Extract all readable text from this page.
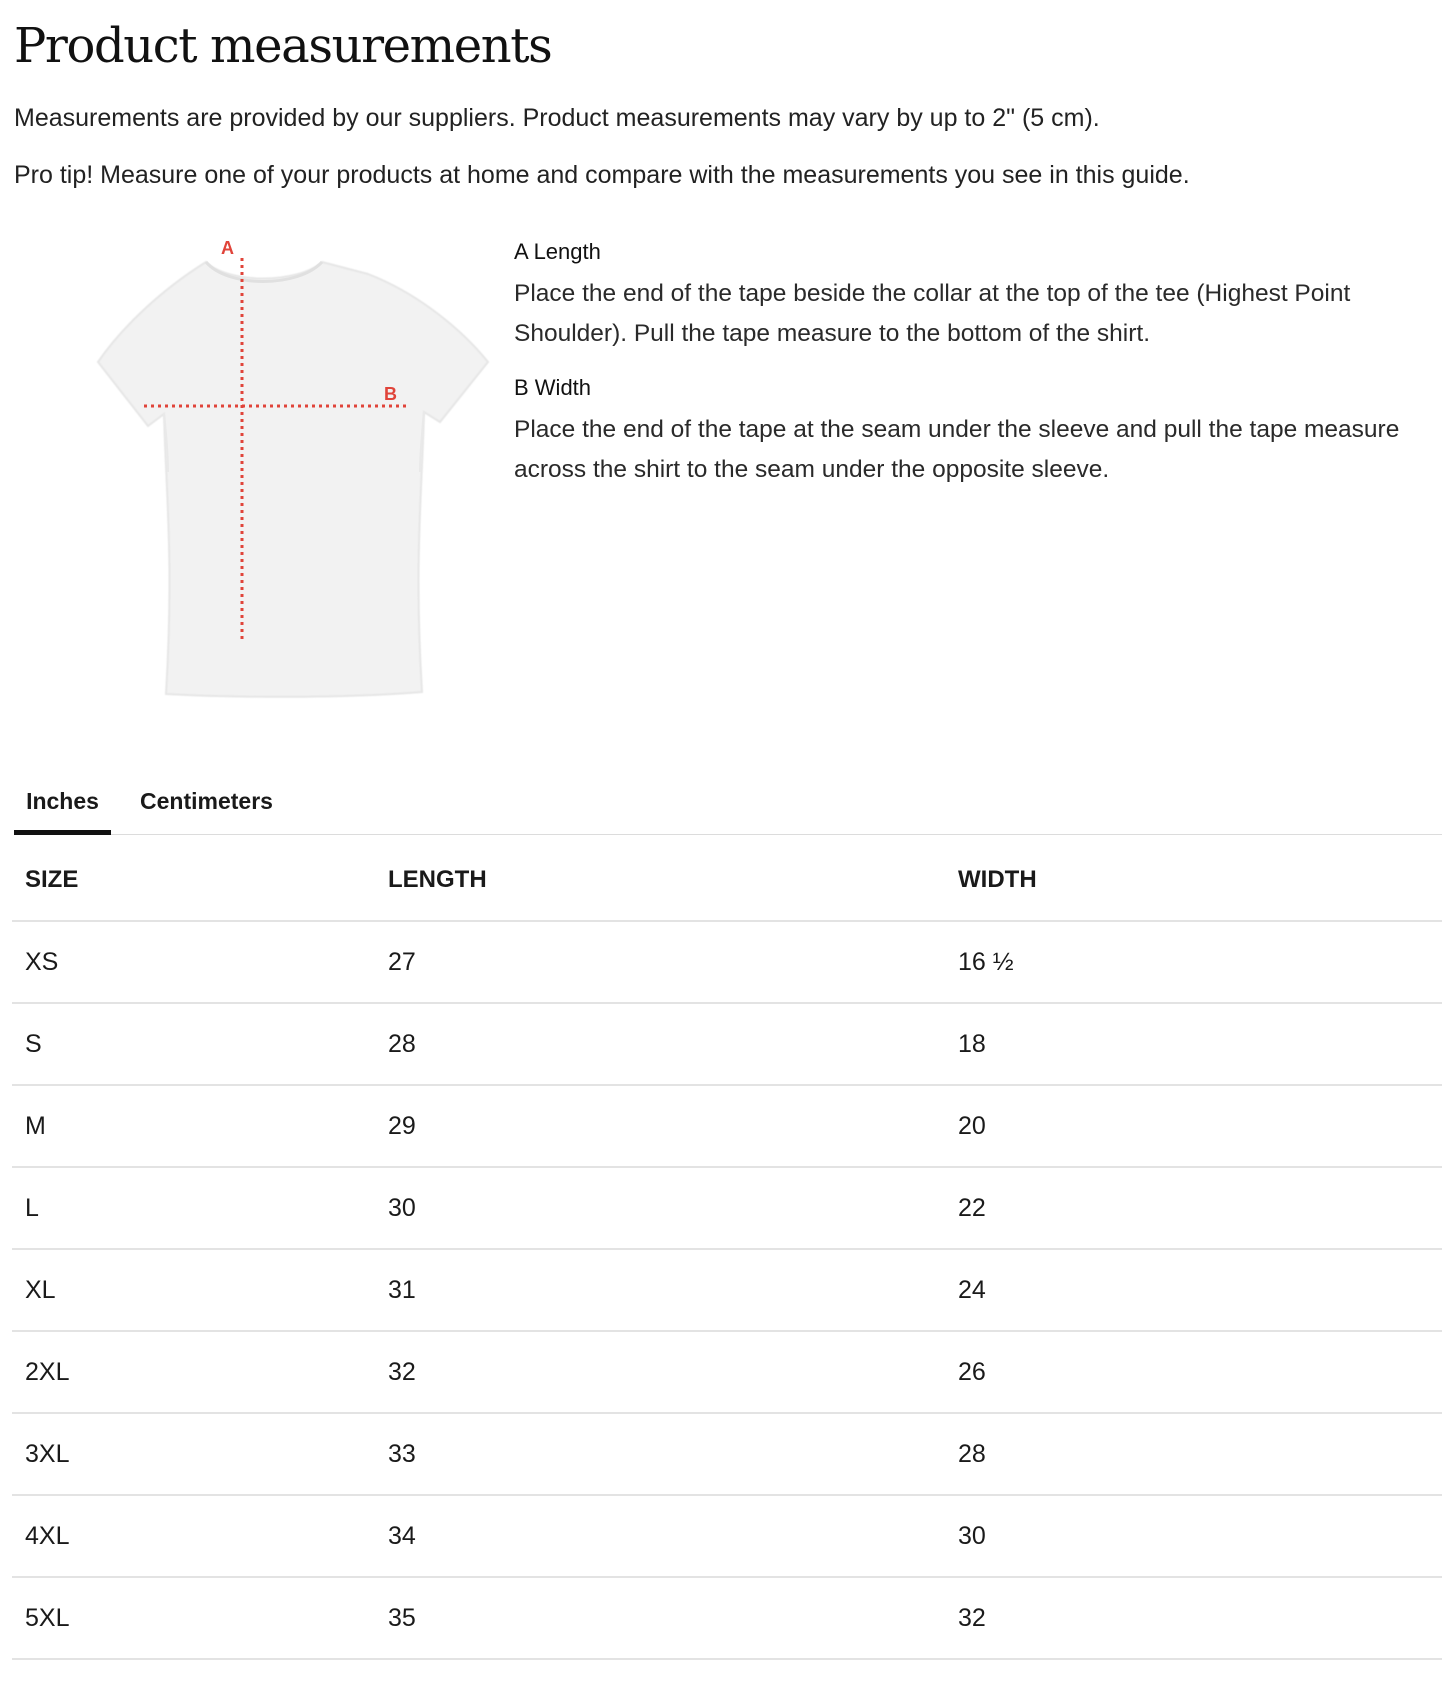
Product measurements

Measurements are provided by our suppliers. Product measurements may vary by up to 2" (5 cm).

Pro tip! Measure one of your products at home and compare with the measurements you see in this guide.

A
B
A Length

Place the end of the tape beside the collar at the top of the tee (Highest Point Shoulder). Pull the tape measure to the bottom of the shirt.

B Width

Place the end of the tape at the seam under the sleeve and pull the tape measure across the shirt to the seam under the opposite sleeve.

Inches	Centimeters
SIZE	LENGTH	WIDTH
XS	27	16 ½
S	28	18
M	29	20
L	30	22
XL	31	24
2XL	32	26
3XL	33	28
4XL	34	30
5XL	35	32
